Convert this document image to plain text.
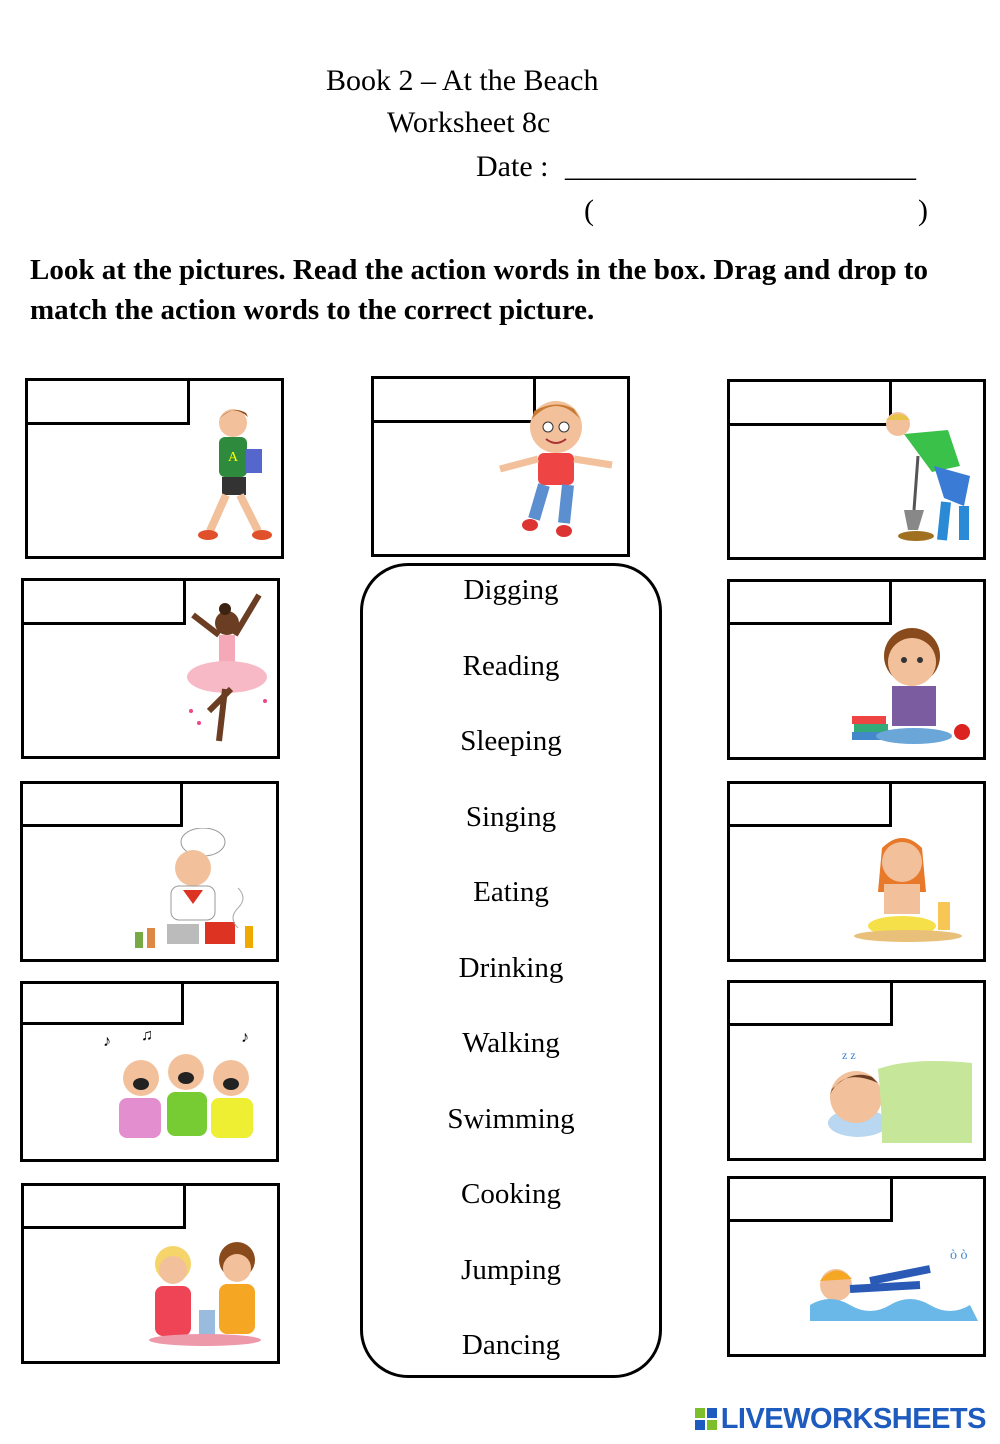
Book 2 – At the Beach
Worksheet 8c
Date : _________________________
(	)
Look at the pictures. Read the action words in the box. Drag and drop to match the action words to the correct picture.
A
♪ ♫	♪
Digging
Reading
Sleeping
Singing
Eating
Drinking
Walking
Swimming
Cooking
Jumping
Dancing
z z
ò ò
LIVEWORKSHEETS
